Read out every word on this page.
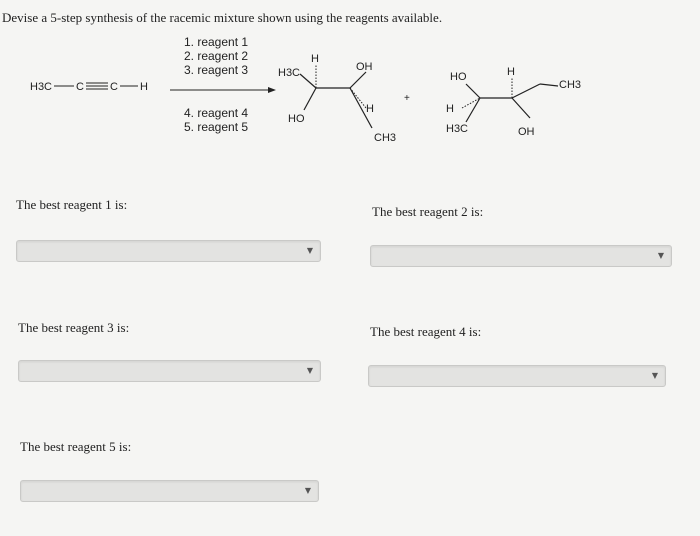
Devise a 5-step synthesis of the racemic mixture shown using the reagents available.
H3C C C H
1. reagent 1
2. reagent 2
3. reagent 3
4. reagent 4
5. reagent 5
H3C
H
OH
HO
H
CH3
+
HO	H
CH3
H
H3C	OH
The best reagent 1 is:	The best reagent 2 is:
The best reagent 3 is:	The best reagent 4 is:
The best reagent 5 is:
▼
▼
▼
▼
▼
